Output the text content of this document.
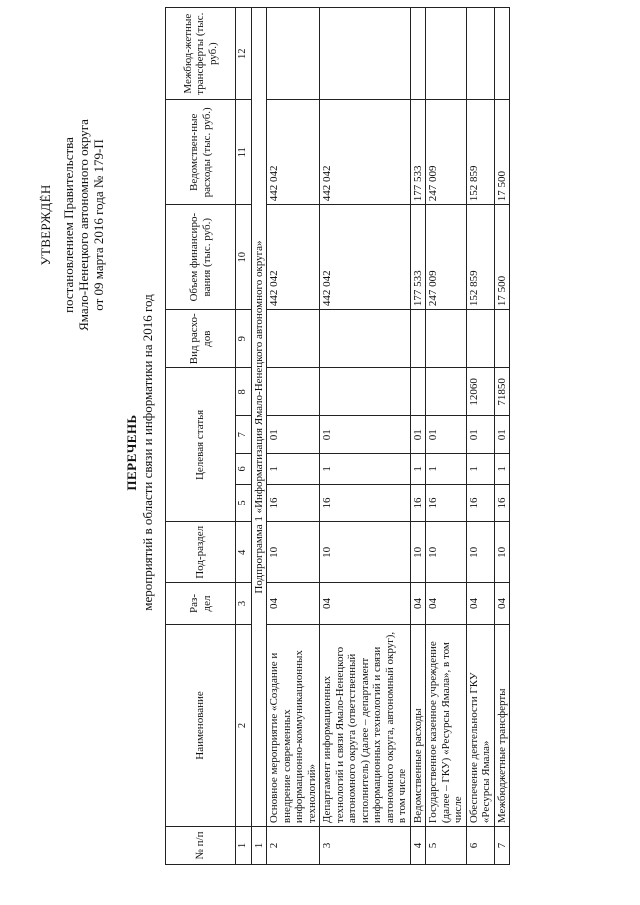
УТВЕРЖДЁН постановлением Правительства Ямало-Ненецкого автономного округа от 09 марта 2016 года № 179-П
ПЕРЕЧЕНЬ мероприятий в области связи и информатики на 2016 год
№ п/п	Наименование	Раз-дел	Под-раздел	Целевая статья				Вид расхо-дов	Объем финансиро-вания (тыс. руб.)	Ведомствен-ные расходы (тыс. руб.)	Межбюд-жетные трансферты (тыс. руб.)
1	2	3	4	5	6	7	8	9	10	11	12
1	Подпрограмма 1 «Информатизация Ямало-Ненецкого автономного округа»										
2	Основное мероприятие «Создание и внедрение современных информационно-коммуникационных технологий»	04	10	16	1	01			442 042	442 042	
3	Департамент информационных технологий и связи Ямало-Ненецкого автономного округа (ответственный исполнитель) (далее – департамент информационных технологий и связи автономного округа, автономный округ), в том числе	04	10	16	1	01			442 042	442 042	
4	Ведомственные расходы	04	10	16	1	01			177 533	177 533	
5	Государственное казенное учреждение (далее – ГКУ) «Ресурсы Ямала», в том числе	04	10	16	1	01			247 009	247 009	
6	Обеспечение деятельности ГКУ «Ресурсы Ямала»	04	10	16	1	01	12060		152 859	152 859	
7	Межбюджетные трансферты	04	10	16	1	01	71850		17 500	17 500	
